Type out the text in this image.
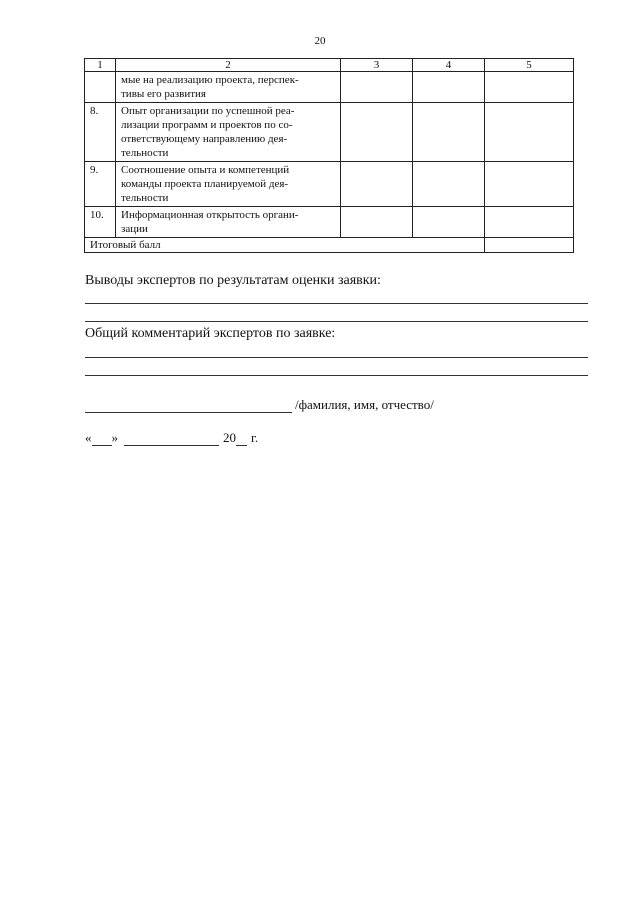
20
1	2	3	4	5

	мые на реализацию проекта, перспек-
тивы его развития			

8.	Опыт организации по успешной реа-
лизации программ и проектов по со-
ответствующему направлению дея-
тельности			

9.	Соотношение опыта и компетенций
команды проекта планируемой дея-
тельности			

10.	Информационная открытость органи-
зации			

Итоговый балл				
Выводы экспертов по результатам оценки заявки:
Общий комментарий экспертов по заявке:
/фамилия, имя, отчество/
« »	20 г.
